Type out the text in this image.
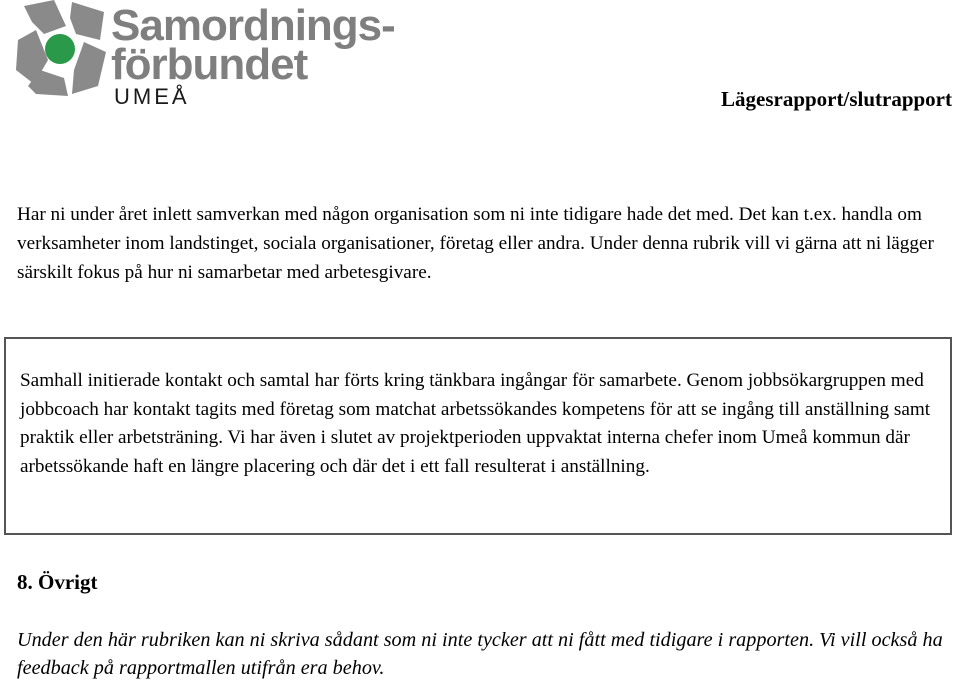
Samordnings-
förbundet
UMEÅ	Lägesrapport/slutrapport

Har ni under året inlett samverkan med någon organisation som ni inte tidigare hade det med. Det kan t.ex. handla om verksamheter inom landstinget, sociala organisationer, företag eller andra. Under denna rubrik vill vi gärna att ni lägger särskilt fokus på hur ni samarbetar med arbetesgivare.

Samhall initierade kontakt och samtal har förts kring tänkbara ingångar för samarbete. Genom jobbsökargruppen med jobbcoach har kontakt tagits med företag som matchat arbetssökandes kompetens för att se ingång till anställning samt praktik eller arbetsträning. Vi har även i slutet av projektperioden uppvaktat interna chefer inom Umeå kommun där arbetssökande haft en längre placering och där det i ett fall resulterat i anställning.

8. Övrigt

Under den här rubriken kan ni skriva sådant som ni inte tycker att ni fått med tidigare i rapporten. Vi vill också ha feedback på rapportmallen utifrån era behov.
